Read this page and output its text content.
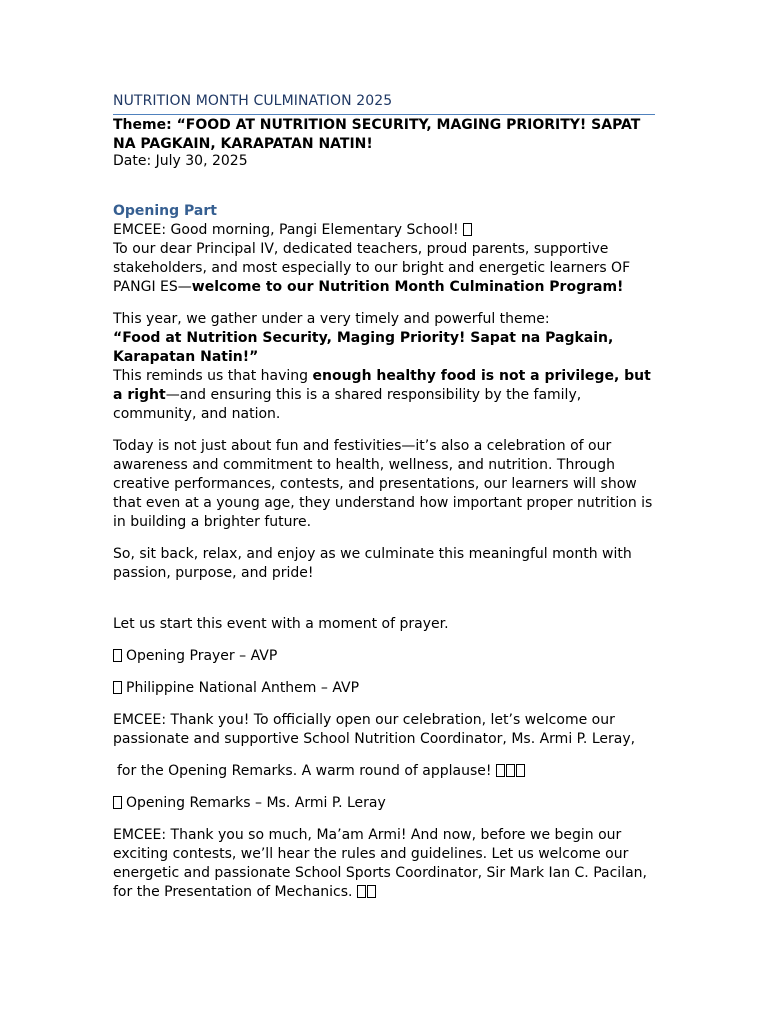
NUTRITION MONTH CULMINATION 2025
Theme: “FOOD AT NUTRITION SECURITY, MAGING PRIORITY! SAPAT NA PAGKAIN, KARAPATAN NATIN!
Date: July 30, 2025

Opening Part

EMCEE: Good morning, Pangi Elementary School!

To our dear Principal IV, dedicated teachers, proud parents, supportive stakeholders, and most especially to our bright and energetic learners OF PANGI ES—welcome to our Nutrition Month Culmination Program!

This year, we gather under a very timely and powerful theme:
“Food at Nutrition Security, Maging Priority! Sapat na Pagkain, Karapatan Natin!”
This reminds us that having enough healthy food is not a privilege, but a right—and ensuring this is a shared responsibility by the family, community, and nation.

Today is not just about fun and festivities—it’s also a celebration of our awareness and commitment to health, wellness, and nutrition. Through creative performances, contests, and presentations, our learners will show that even at a young age, they understand how important proper nutrition is in building a brighter future.

So, sit back, relax, and enjoy as we culminate this meaningful month with passion, purpose, and pride!

Let us start this event with a moment of prayer.

Opening Prayer – AVP

Philippine National Anthem – AVP

EMCEE: Thank you! To officially open our celebration, let’s welcome our passionate and supportive School Nutrition Coordinator, Ms. Armi P. Leray,

for the Opening Remarks. A warm round of applause!

Opening Remarks – Ms. Armi P. Leray

EMCEE: Thank you so much, Ma’am Armi! And now, before we begin our exciting contests, we’ll hear the rules and guidelines. Let us welcome our energetic and passionate School Sports Coordinator, Sir Mark Ian C. Pacilan, for the Presentation of Mechanics.
